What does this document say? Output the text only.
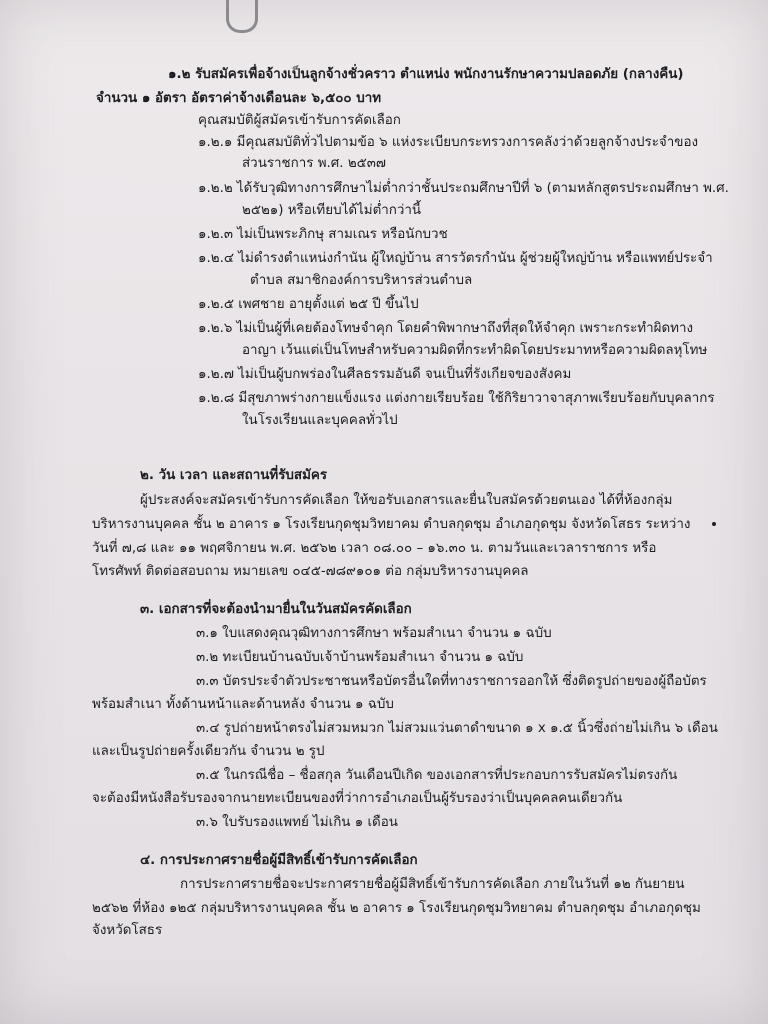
๑.๒ รับสมัครเพื่อจ้างเป็นลูกจ้างชั่วคราว ตำแหน่ง พนักงานรักษาความปลอดภัย (กลางคืน)
จำนวน ๑ อัตรา อัตราค่าจ้างเดือนละ ๖,๕๐๐ บาท
คุณสมบัติผู้สมัครเข้ารับการคัดเลือก
๑.๒.๑ มีคุณสมบัติทั่วไปตามข้อ ๖ แห่งระเบียบกระทรวงการคลังว่าด้วยลูกจ้างประจำของ
ส่วนราชการ พ.ศ. ๒๕๓๗
๑.๒.๒ ได้รับวุฒิทางการศึกษาไม่ต่ำกว่าชั้นประถมศึกษาปีที่ ๖ (ตามหลักสูตรประถมศึกษา พ.ศ.
๒๕๒๑) หรือเทียบได้ไม่ต่ำกว่านี้
๑.๒.๓ ไม่เป็นพระภิกษุ สามเณร หรือนักบวช
๑.๒.๔ ไม่ดำรงตำแหน่งกำนัน ผู้ใหญ่บ้าน สารวัตรกำนัน ผู้ช่วยผู้ใหญ่บ้าน หรือแพทย์ประจำ
ตำบล สมาชิกองค์การบริหารส่วนตำบล
๑.๒.๕ เพศชาย อายุตั้งแต่ ๒๕ ปี ขึ้นไป
๑.๒.๖ ไม่เป็นผู้ที่เคยต้องโทษจำคุก โดยคำพิพากษาถึงที่สุดให้จำคุก เพราะกระทำผิดทาง
อาญา เว้นแต่เป็นโทษสำหรับความผิดที่กระทำผิดโดยประมาทหรือความผิดลหุโทษ
๑.๒.๗ ไม่เป็นผู้บกพร่องในศีลธรรมอันดี จนเป็นที่รังเกียจของสังคม
๑.๒.๘ มีสุขภาพร่างกายแข็งแรง แต่งกายเรียบร้อย ใช้กิริยาวาจาสุภาพเรียบร้อยกับบุคลากร
ในโรงเรียนและบุคคลทั่วไป
๒. วัน เวลา และสถานที่รับสมัคร
ผู้ประสงค์จะสมัครเข้ารับการคัดเลือก ให้ขอรับเอกสารและยื่นใบสมัครด้วยตนเอง ได้ที่ห้องกลุ่ม
บริหารงานบุคคล ชั้น ๒ อาคาร ๑ โรงเรียนกุดชุมวิทยาคม ตำบลกุดชุม อำเภอกุดชุม จังหวัดโสธร ระหว่าง
วันที่ ๗,๘ และ ๑๑ พฤศจิกายน พ.ศ. ๒๕๖๒ เวลา ๐๘.๐๐ – ๑๖.๓๐ น. ตามวันและเวลาราชการ หรือ
โทรศัพท์ ติดต่อสอบถาม หมายเลข ๐๔๕-๗๘๙๑๐๑ ต่อ กลุ่มบริหารงานบุคคล
๓. เอกสารที่จะต้องนำมายื่นในวันสมัครคัดเลือก
๓.๑ ใบแสดงคุณวุฒิทางการศึกษา พร้อมสำเนา จำนวน ๑ ฉบับ
๓.๒ ทะเบียนบ้านฉบับเจ้าบ้านพร้อมสำเนา จำนวน ๑ ฉบับ
๓.๓ บัตรประจำตัวประชาชนหรือบัตรอื่นใดที่ทางราชการออกให้ ซึ่งติดรูปถ่ายของผู้ถือบัตร
พร้อมสำเนา ทั้งด้านหน้าและด้านหลัง จำนวน ๑ ฉบับ
๓.๔ รูปถ่ายหน้าตรงไม่สวมหมวก ไม่สวมแว่นตาดำขนาด ๑ x ๑.๕ นิ้วซึ่งถ่ายไม่เกิน ๖ เดือน
และเป็นรูปถ่ายครั้งเดียวกัน จำนวน ๒ รูป
๓.๕ ในกรณีชื่อ – ชื่อสกุล วันเดือนปีเกิด ของเอกสารที่ประกอบการรับสมัครไม่ตรงกัน
จะต้องมีหนังสือรับรองจากนายทะเบียนของที่ว่าการอำเภอเป็นผู้รับรองว่าเป็นบุคคลคนเดียวกัน
๓.๖ ใบรับรองแพทย์ ไม่เกิน ๑ เดือน
๔. การประกาศรายชื่อผู้มีสิทธิ์เข้ารับการคัดเลือก
การประกาศรายชื่อจะประกาศรายชื่อผู้มีสิทธิ์เข้ารับการคัดเลือก ภายในวันที่ ๑๒ กันยายน
๒๕๖๒ ที่ห้อง ๑๒๕ กลุ่มบริหารงานบุคคล ชั้น ๒ อาคาร ๑ โรงเรียนกุดชุมวิทยาคม ตำบลกุดชุม อำเภอกุดชุม
จังหวัดโสธร
